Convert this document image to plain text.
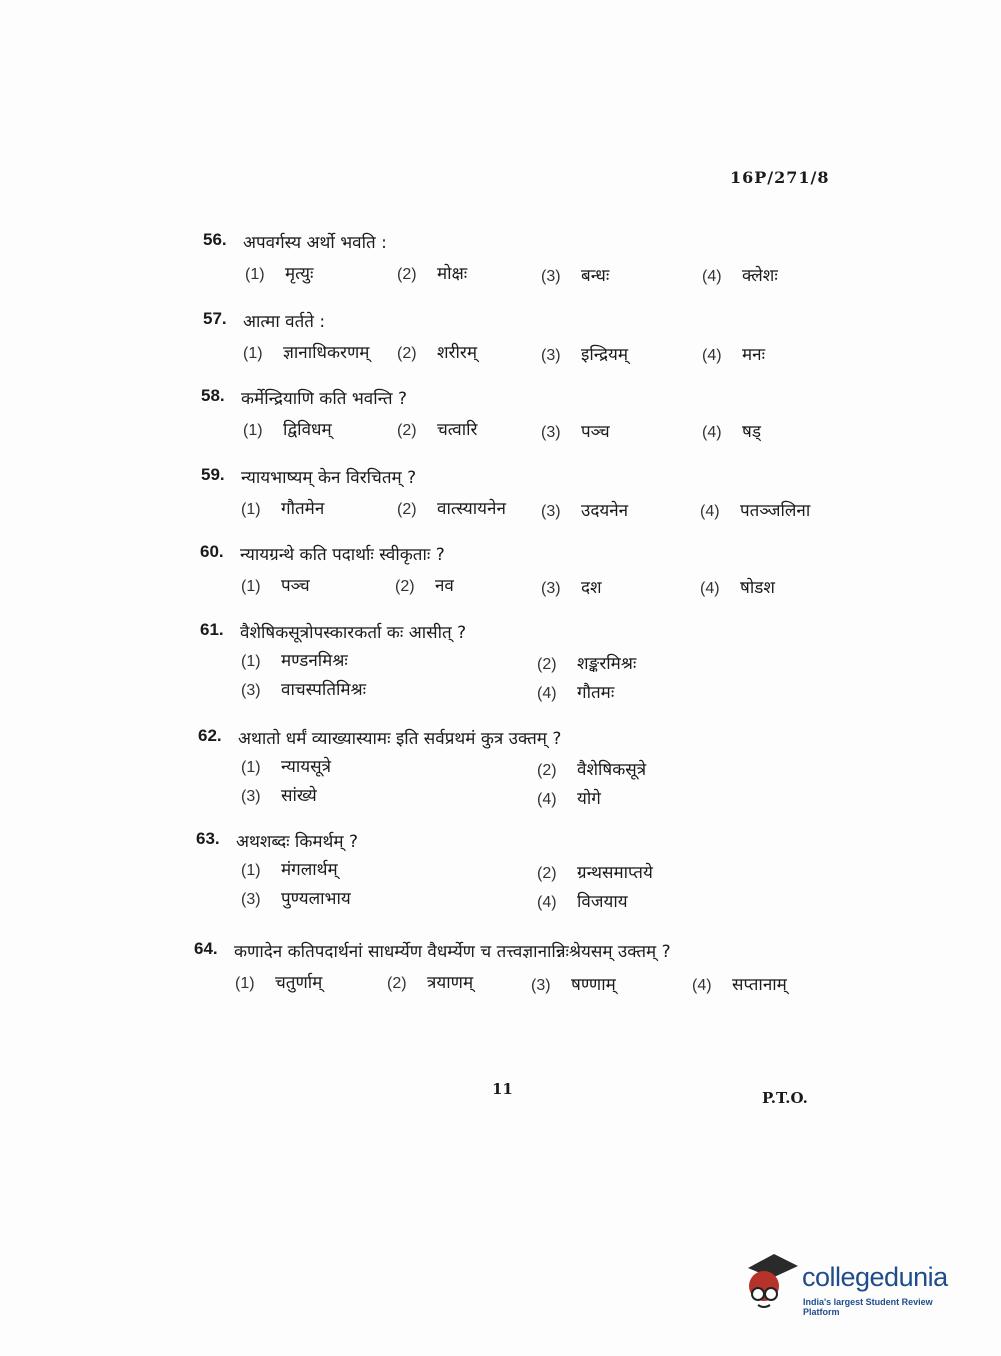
16P/271/8
56. अपवर्गस्य अर्थो भवति :
(1) मृत्युः	(2) मोक्षः	(3) बन्धः	(4) क्लेशः
57. आत्मा वर्तते :
(1) ज्ञानाधिकरणम् (2) शरीरम्	(3) इन्द्रियम्	(4) मनः
58. कर्मेन्द्रियाणि कति भवन्ति ?
(1) द्विविधम्	(2) चत्वारि	(3) पञ्च	(4) षड्
59. न्यायभाष्यम् केन विरचितम् ?
(1) गौतमेन	(2) वात्स्यायनेन (3) उदयनेन	(4) पतञ्जलिना
60. न्यायग्रन्थे कति पदार्थाः स्वीकृताः ?
(1) पञ्च	(2) नव	(3) दश	(4) षोडश
61. वैशेषिकसूत्रोपस्कारकर्ता कः आसीत् ?
(1) मण्डनमिश्रः	(2) शङ्करमिश्रः
(3) वाचस्पतिमिश्रः	(4) गौतमः
62. अथातो धर्मं व्याख्यास्यामः इति सर्वप्रथमं कुत्र उक्तम् ?
(1) न्यायसूत्रे	(2) वैशेषिकसूत्रे
(3) सांख्ये	(4) योगे
63. अथशब्दः किमर्थम् ?
(1) मंगलार्थम्	(2) ग्रन्थसमाप्तये
(3) पुण्यलाभाय	(4) विजयाय
64. कणादेन कतिपदार्थनां साधर्म्येण वैधर्म्येण च तत्त्वज्ञानान्निःश्रेयसम् उक्तम् ?
(1) चतुर्णाम्	(2) त्रयाणम्	(3) षण्णाम्	(4) सप्तानाम्
11	P.T.O.
collegedunia
India's largest Student Review Platform
